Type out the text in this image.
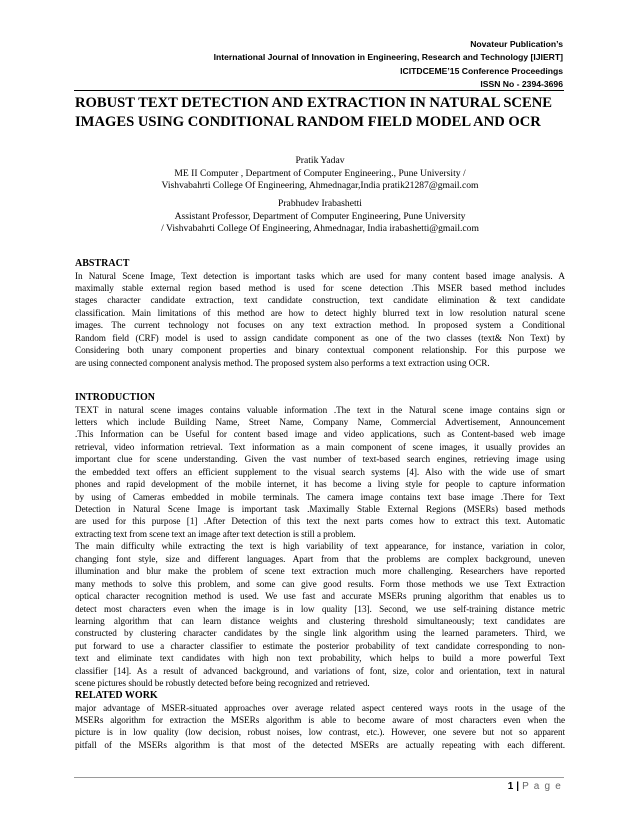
Novateur Publication’s
International Journal of Innovation in Engineering, Research and Technology [IJIERT]
ICITDCEME’15 Conference Proceedings
ISSN No - 2394-3696
ROBUST TEXT DETECTION AND EXTRACTION IN NATURAL SCENE
IMAGES USING CONDITIONAL RANDOM FIELD MODEL AND OCR
Pratik Yadav
ME II Computer , Department of Computer Engineering., Pune University /
Vishvabahrti College Of Engineering, Ahmednagar,India pratik21287@gmail.com
Prabhudev Irabashetti
Assistant Professor, Department of Computer Engineering, Pune University
/ Vishvabahrti College Of Engineering, Ahmednagar, India irabashetti@gmail.com
ABSTRACT
In Natural Scene Image, Text detection is important tasks which are used for many content based image analysis. A
maximally stable external region based method is used for scene detection .This MSER based method includes
stages character candidate extraction, text candidate construction, text candidate elimination & text candidate
classification. Main limitations of this method are how to detect highly blurred text in low resolution natural scene
images. The current technology not focuses on any text extraction method. In proposed system a Conditional
Random field (CRF) model is used to assign candidate component as one of the two classes (text& Non Text) by
Considering both unary component properties and binary contextual component relationship. For this purpose we
are using connected component analysis method. The proposed system also performs a text extraction using OCR.
INTRODUCTION
TEXT in natural scene images contains valuable information .The text in the Natural scene image contains sign or
letters which include Building Name, Street Name, Company Name, Commercial Advertisement, Announcement
.This Information can be Useful for content based image and video applications, such as Content-based web image
retrieval, video information retrieval. Text information as a main component of scene images, it usually provides an
important clue for scene understanding. Given the vast number of text-based search engines, retrieving image using
the embedded text offers an efficient supplement to the visual search systems [4]. Also with the wide use of smart
phones and rapid development of the mobile internet, it has become a living style for people to capture information
by using of Cameras embedded in mobile terminals. The camera image contains text base image .There for Text
Detection in Natural Scene Image is important task .Maximally Stable External Regions (MSERs) based methods
are used for this purpose [1] .After Detection of this text the next parts comes how to extract this text. Automatic
extracting text from scene text an image after text detection is still a problem.
The main difficulty while extracting the text is high variability of text appearance, for instance, variation in color,
changing font style, size and different languages. Apart from that the problems are complex background, uneven
illumination and blur make the problem of scene text extraction much more challenging. Researchers have reported
many methods to solve this problem, and some can give good results. Form those methods we use Text Extraction
optical character recognition method is used. We use fast and accurate MSERs pruning algorithm that enables us to
detect most characters even when the image is in low quality [13]. Second, we use self-training distance metric
learning algorithm that can learn distance weights and clustering threshold simultaneously; text candidates are
constructed by clustering character candidates by the single link algorithm using the learned parameters. Third, we
put forward to use a character classifier to estimate the posterior probability of text candidate corresponding to non-
text and eliminate text candidates with high non text probability, which helps to build a more powerful Text
classifier [14]. As a result of advanced background, and variations of font, size, color and orientation, text in natural
scene pictures should be robustly detected before being recognized and retrieved.
RELATED WORK
major advantage of MSER-situated approaches over average related aspect centered ways roots in the usage of the
MSERs algorithm for extraction the MSERs algorithm is able to become aware of most characters even when the
picture is in low quality (low decision, robust noises, low contrast, etc.). However, one severe but not so apparent
pitfall of the MSERs algorithm is that most of the detected MSERs are actually repeating with each different.
1 | P a g e
